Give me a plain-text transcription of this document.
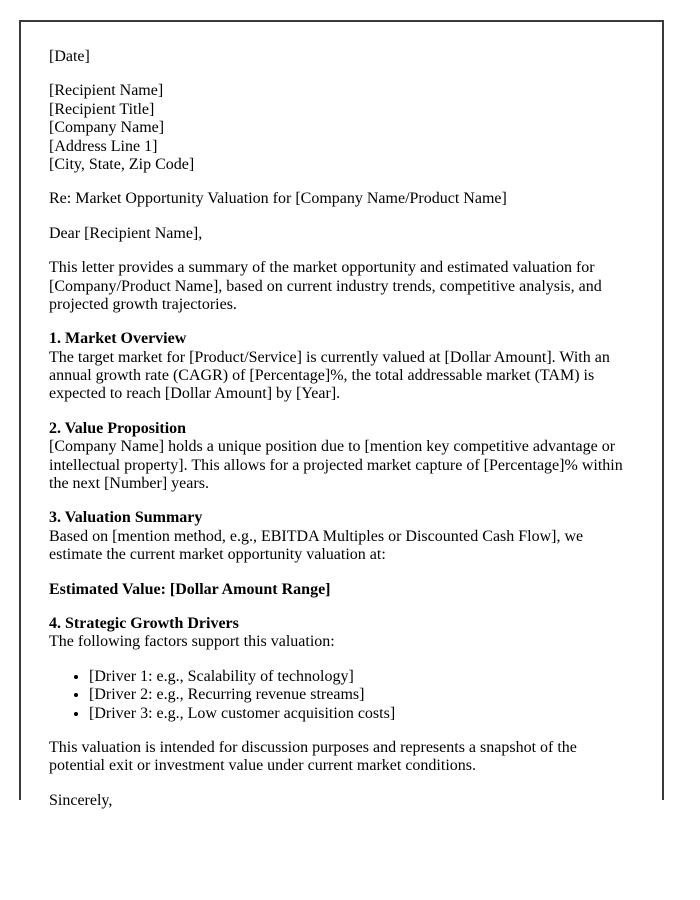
[Date]

[Recipient Name]
[Recipient Title]
[Company Name]
[Address Line 1]
[City, State, Zip Code]

Re: Market Opportunity Valuation for [Company Name/Product Name]

Dear [Recipient Name],

This letter provides a summary of the market opportunity and estimated valuation for [Company/Product Name], based on current industry trends, competitive analysis, and projected growth trajectories.

1. Market Overview
The target market for [Product/Service] is currently valued at [Dollar Amount]. With an annual growth rate (CAGR) of [Percentage]%, the total addressable market (TAM) is expected to reach [Dollar Amount] by [Year].

2. Value Proposition
[Company Name] holds a unique position due to [mention key competitive advantage or intellectual property]. This allows for a projected market capture of [Percentage]% within the next [Number] years.

3. Valuation Summary
Based on [mention method, e.g., EBITDA Multiples or Discounted Cash Flow], we estimate the current market opportunity valuation at:

Estimated Value: [Dollar Amount Range]

4. Strategic Growth Drivers
The following factors support this valuation:

• [Driver 1: e.g., Scalability of technology]
• [Driver 2: e.g., Recurring revenue streams]
• [Driver 3: e.g., Low customer acquisition costs]

This valuation is intended for discussion purposes and represents a snapshot of the potential exit or investment value under current market conditions.

Sincerely,
